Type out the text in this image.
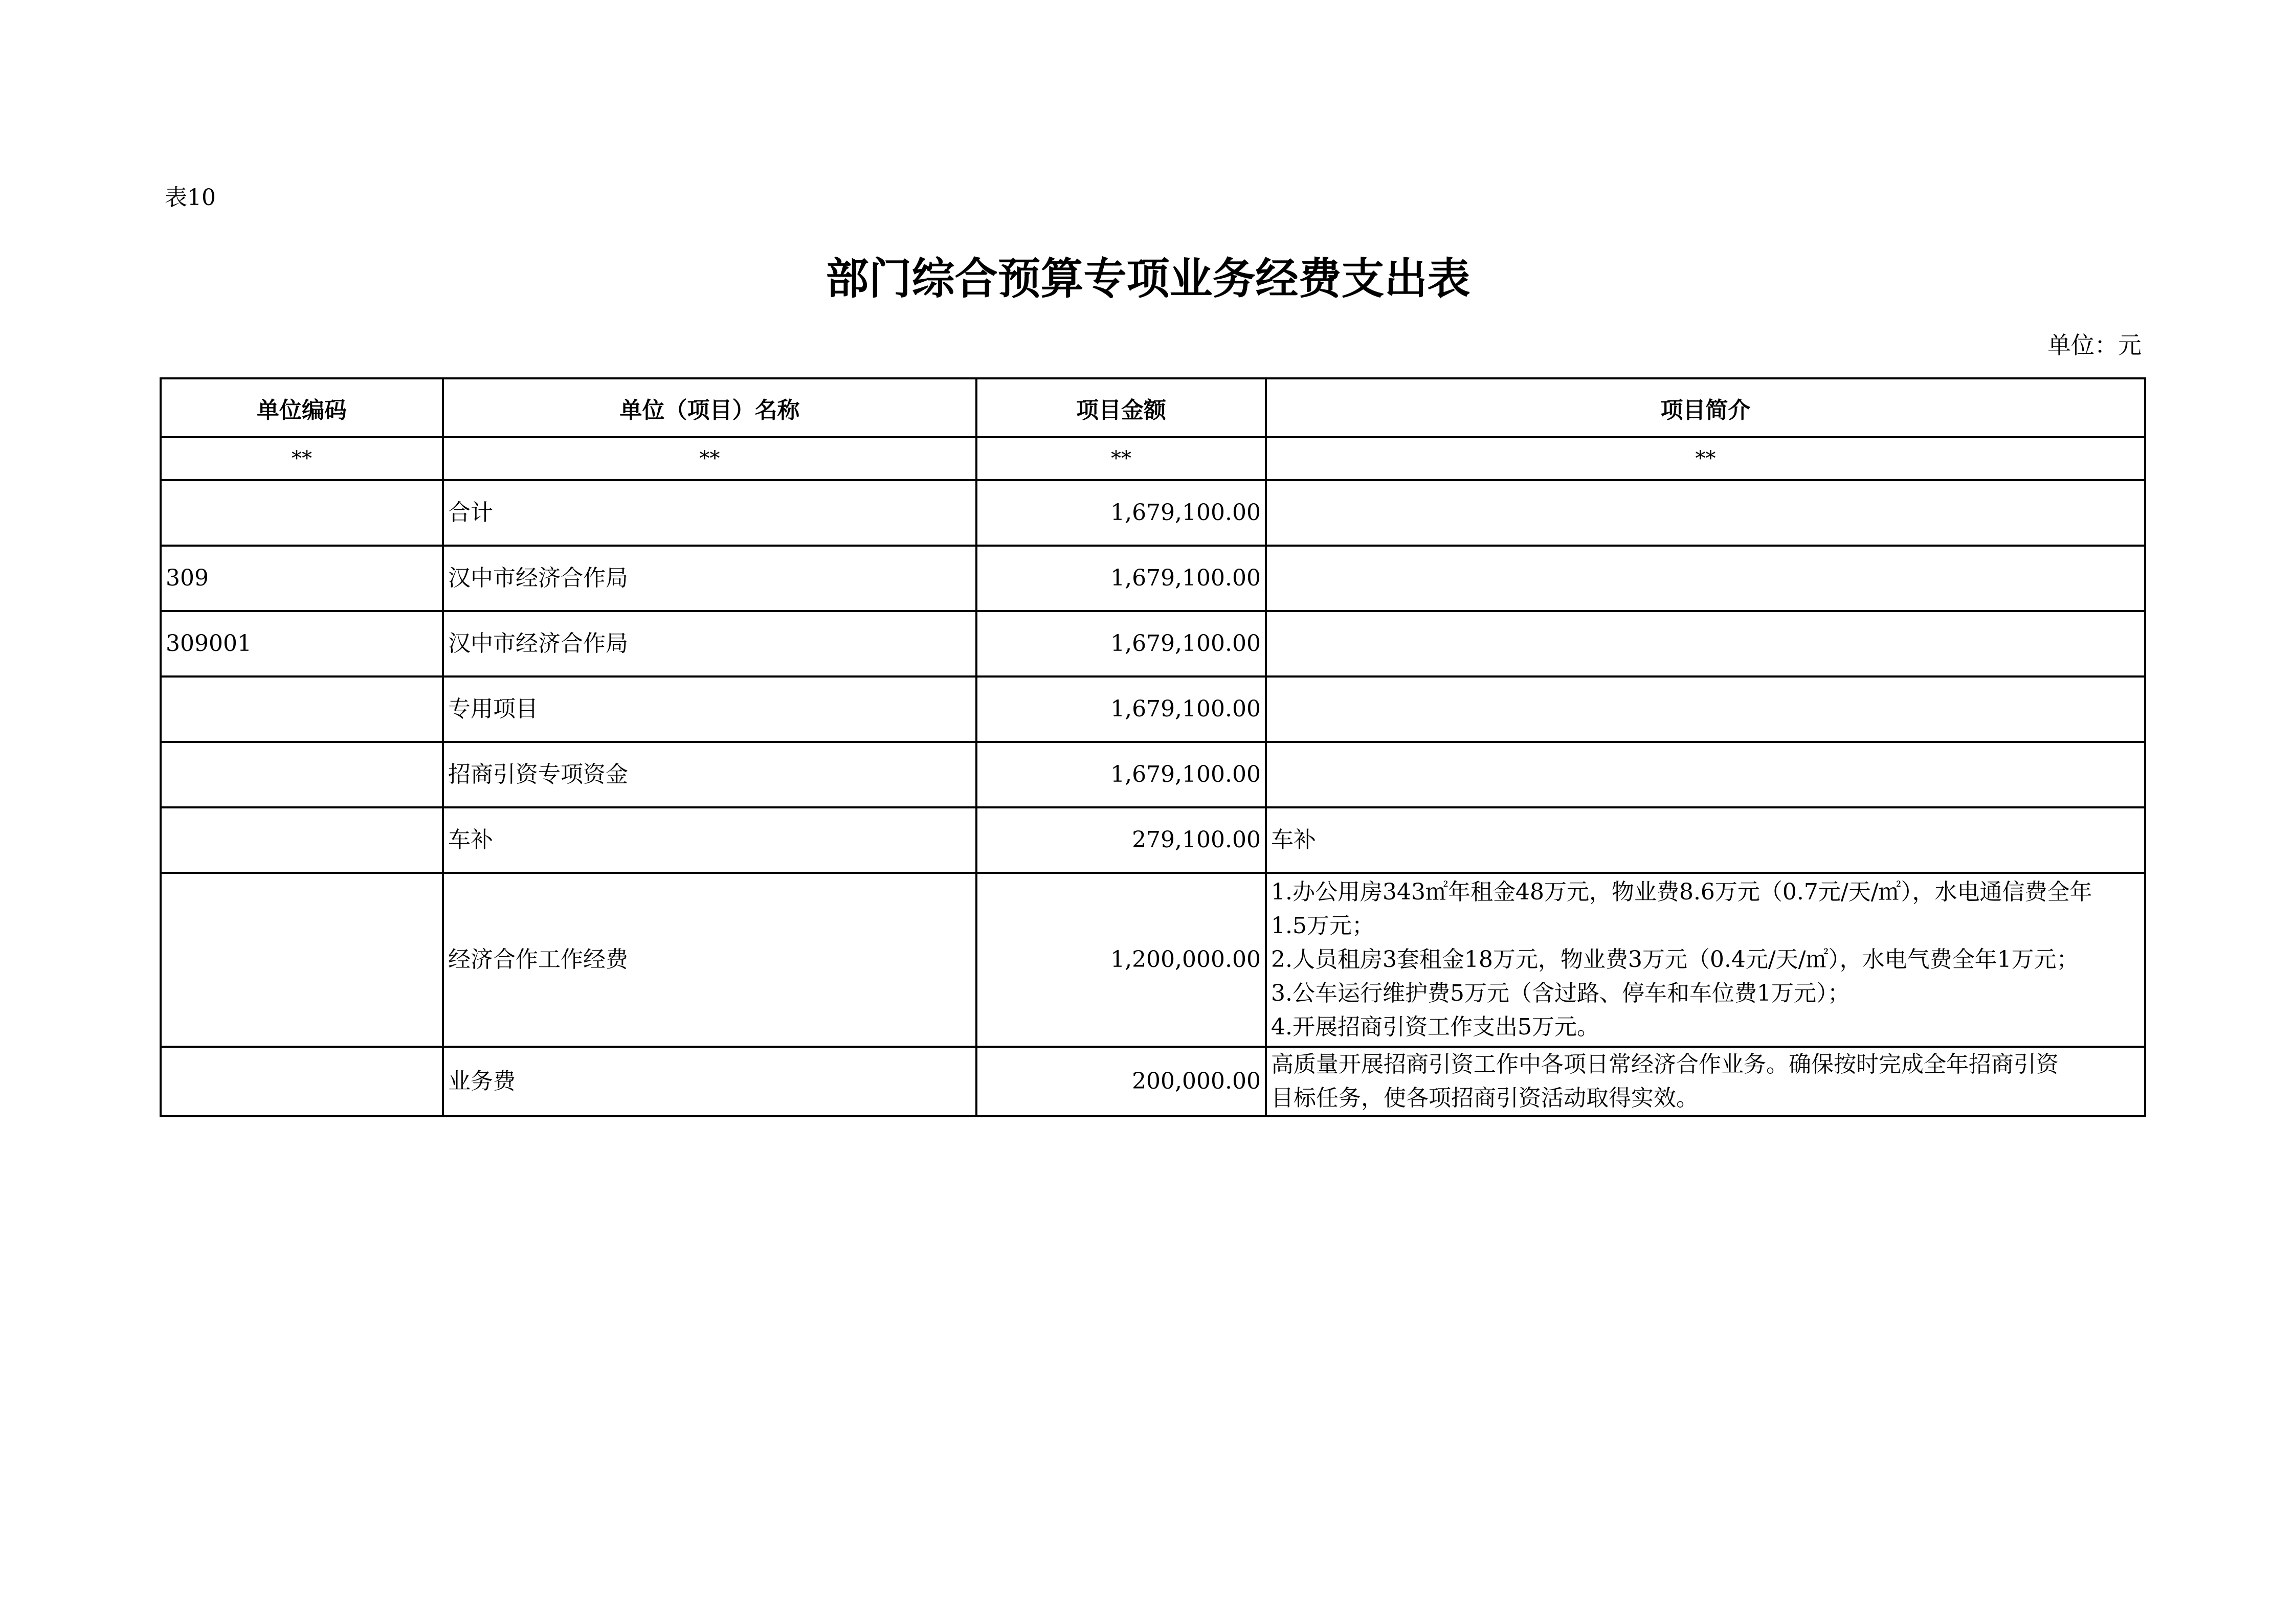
表10
部门综合预算专项业务经费支出表
单位：元
单位编码	单位（项目）名称	项目金额	项目简介
**	**	**	**
	合计	1,679,100.00	
309	汉中市经济合作局	1,679,100.00	
309001	汉中市经济合作局	1,679,100.00	
	专用项目	1,679,100.00	
	招商引资专项资金	1,679,100.00	
	车补	279,100.00	车补

	经济合作工作经费	1,200,000.00	1.办公用房343㎡年租金48万元，物业费8.6万元（0.7元/天/㎡），水电通信费全年
1.5万元；
2.人员租房3套租金18万元，物业费3万元（0.4元/天/㎡），水电气费全年1万元；
3.公车运行维护费5万元（含过路、停车和车位费1万元）；
4.开展招商引资工作支出5万元。

	业务费	200,000.00	高质量开展招商引资工作中各项日常经济合作业务。确保按时完成全年招商引资
目标任务，使各项招商引资活动取得实效。
